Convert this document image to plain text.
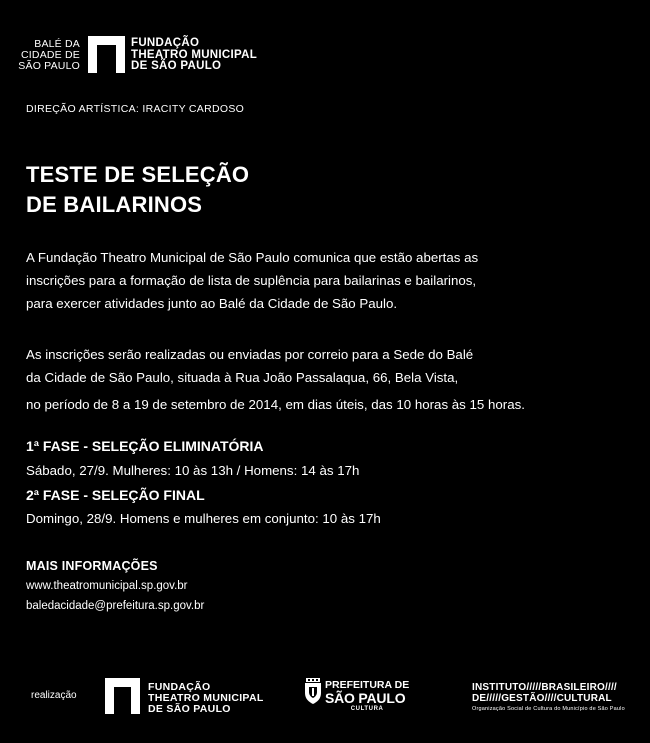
BALÉ DA
CIDADE DE
SÃO PAULO
FUNDAÇÃO
THEATRO MUNICIPAL
DE SÃO PAULO
DIREÇÃO ARTÍSTICA: IRACITY CARDOSO
TESTE DE SELEÇÃO
DE BAILARINOS
A Fundação Theatro Municipal de São Paulo comunica que estão abertas as
inscrições para a formação de lista de suplência para bailarinas e bailarinos,
para exercer atividades junto ao Balé da Cidade de São Paulo.
As inscrições serão realizadas ou enviadas por correio para a Sede do Balé
da Cidade de São Paulo, situada à Rua João Passalaqua, 66, Bela Vista,
no período de 8 a 19 de setembro de 2014, em dias úteis, das 10 horas às 15 horas.
1ª FASE - SELEÇÃO ELIMINATÓRIA
Sábado, 27/9. Mulheres: 10 às 13h / Homens: 14 às 17h
2ª FASE - SELEÇÃO FINAL
Domingo, 28/9. Homens e mulheres em conjunto: 10 às 17h
MAIS INFORMAÇÕES
www.theatromunicipal.sp.gov.br
baledacidade@prefeitura.sp.gov.br
realização
FUNDAÇÃO
THEATRO MUNICIPAL
DE SÃO PAULO
PREFEITURA DE
SÃO PAULO
CULTURA
INSTITUTO/////BRASILEIRO////
DE/////GESTÃO////CULTURAL
Organização Social de Cultura do Município de São Paulo
